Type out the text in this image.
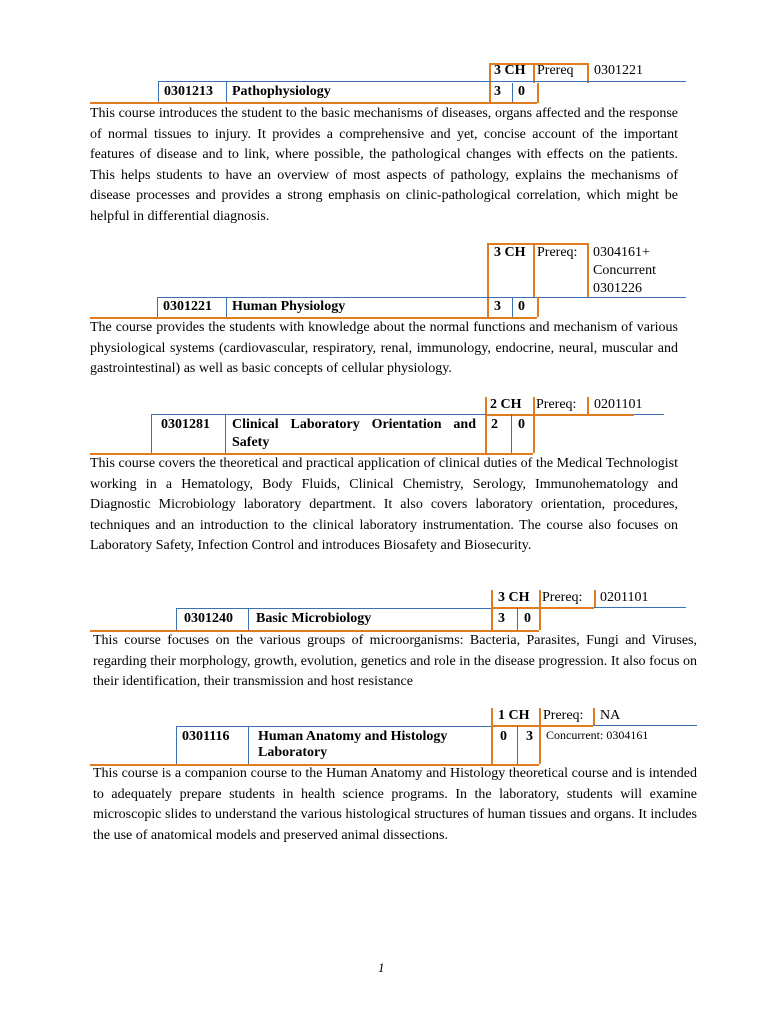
3 CH Prereq 0301221
0301213 Pathophysiology	3 0

This course introduces the student to the basic mechanisms of diseases, organs affected and the response of normal tissues to injury. It provides a comprehensive and yet, concise account of the important features of disease and to link, where possible, the pathological changes with effects on the patients. This helps students to have an overview of most aspects of pathology, explains the mechanisms of disease processes and provides a strong emphasis on clinic-pathological correlation, which might be helpful in differential diagnosis.

3 CH Prereq: 0304161+
Concurrent
0301226
0301221 Human Physiology	3 0

The course provides the students with knowledge about the normal functions and mechanism of various physiological systems (cardiovascular, respiratory, renal, immunology, endocrine, neural, muscular and gastrointestinal) as well as basic concepts of cellular physiology.

2 CH Prereq: 0201101
0301281 Clinical Laboratory Orientation and
Safety
2 0

This course covers the theoretical and practical application of clinical duties of the Medical Technologist working in a Hematology, Body Fluids, Clinical Chemistry, Serology, Immunohematology and Diagnostic Microbiology laboratory department. It also covers laboratory orientation, procedures, techniques and an introduction to the clinical laboratory instrumentation. The course also focuses on Laboratory Safety, Infection Control and introduces Biosafety and Biosecurity.

3 CH Prereq: 0201101
0301240 Basic Microbiology	3 0

This course focuses on the various groups of microorganisms: Bacteria, Parasites, Fungi and Viruses, regarding their morphology, growth, evolution, genetics and role in the disease progression. It also focus on their identification, their transmission and host resistance

1 CH Prereq: NA
0301116 Human Anatomy and Histology
Laboratory
0 3 Concurrent: 0304161

This course is a companion course to the Human Anatomy and Histology theoretical course and is intended to adequately prepare students in health science programs. In the laboratory, students will examine microscopic slides to understand the various histological structures of human tissues and organs. It includes the use of anatomical models and preserved animal dissections.

1
